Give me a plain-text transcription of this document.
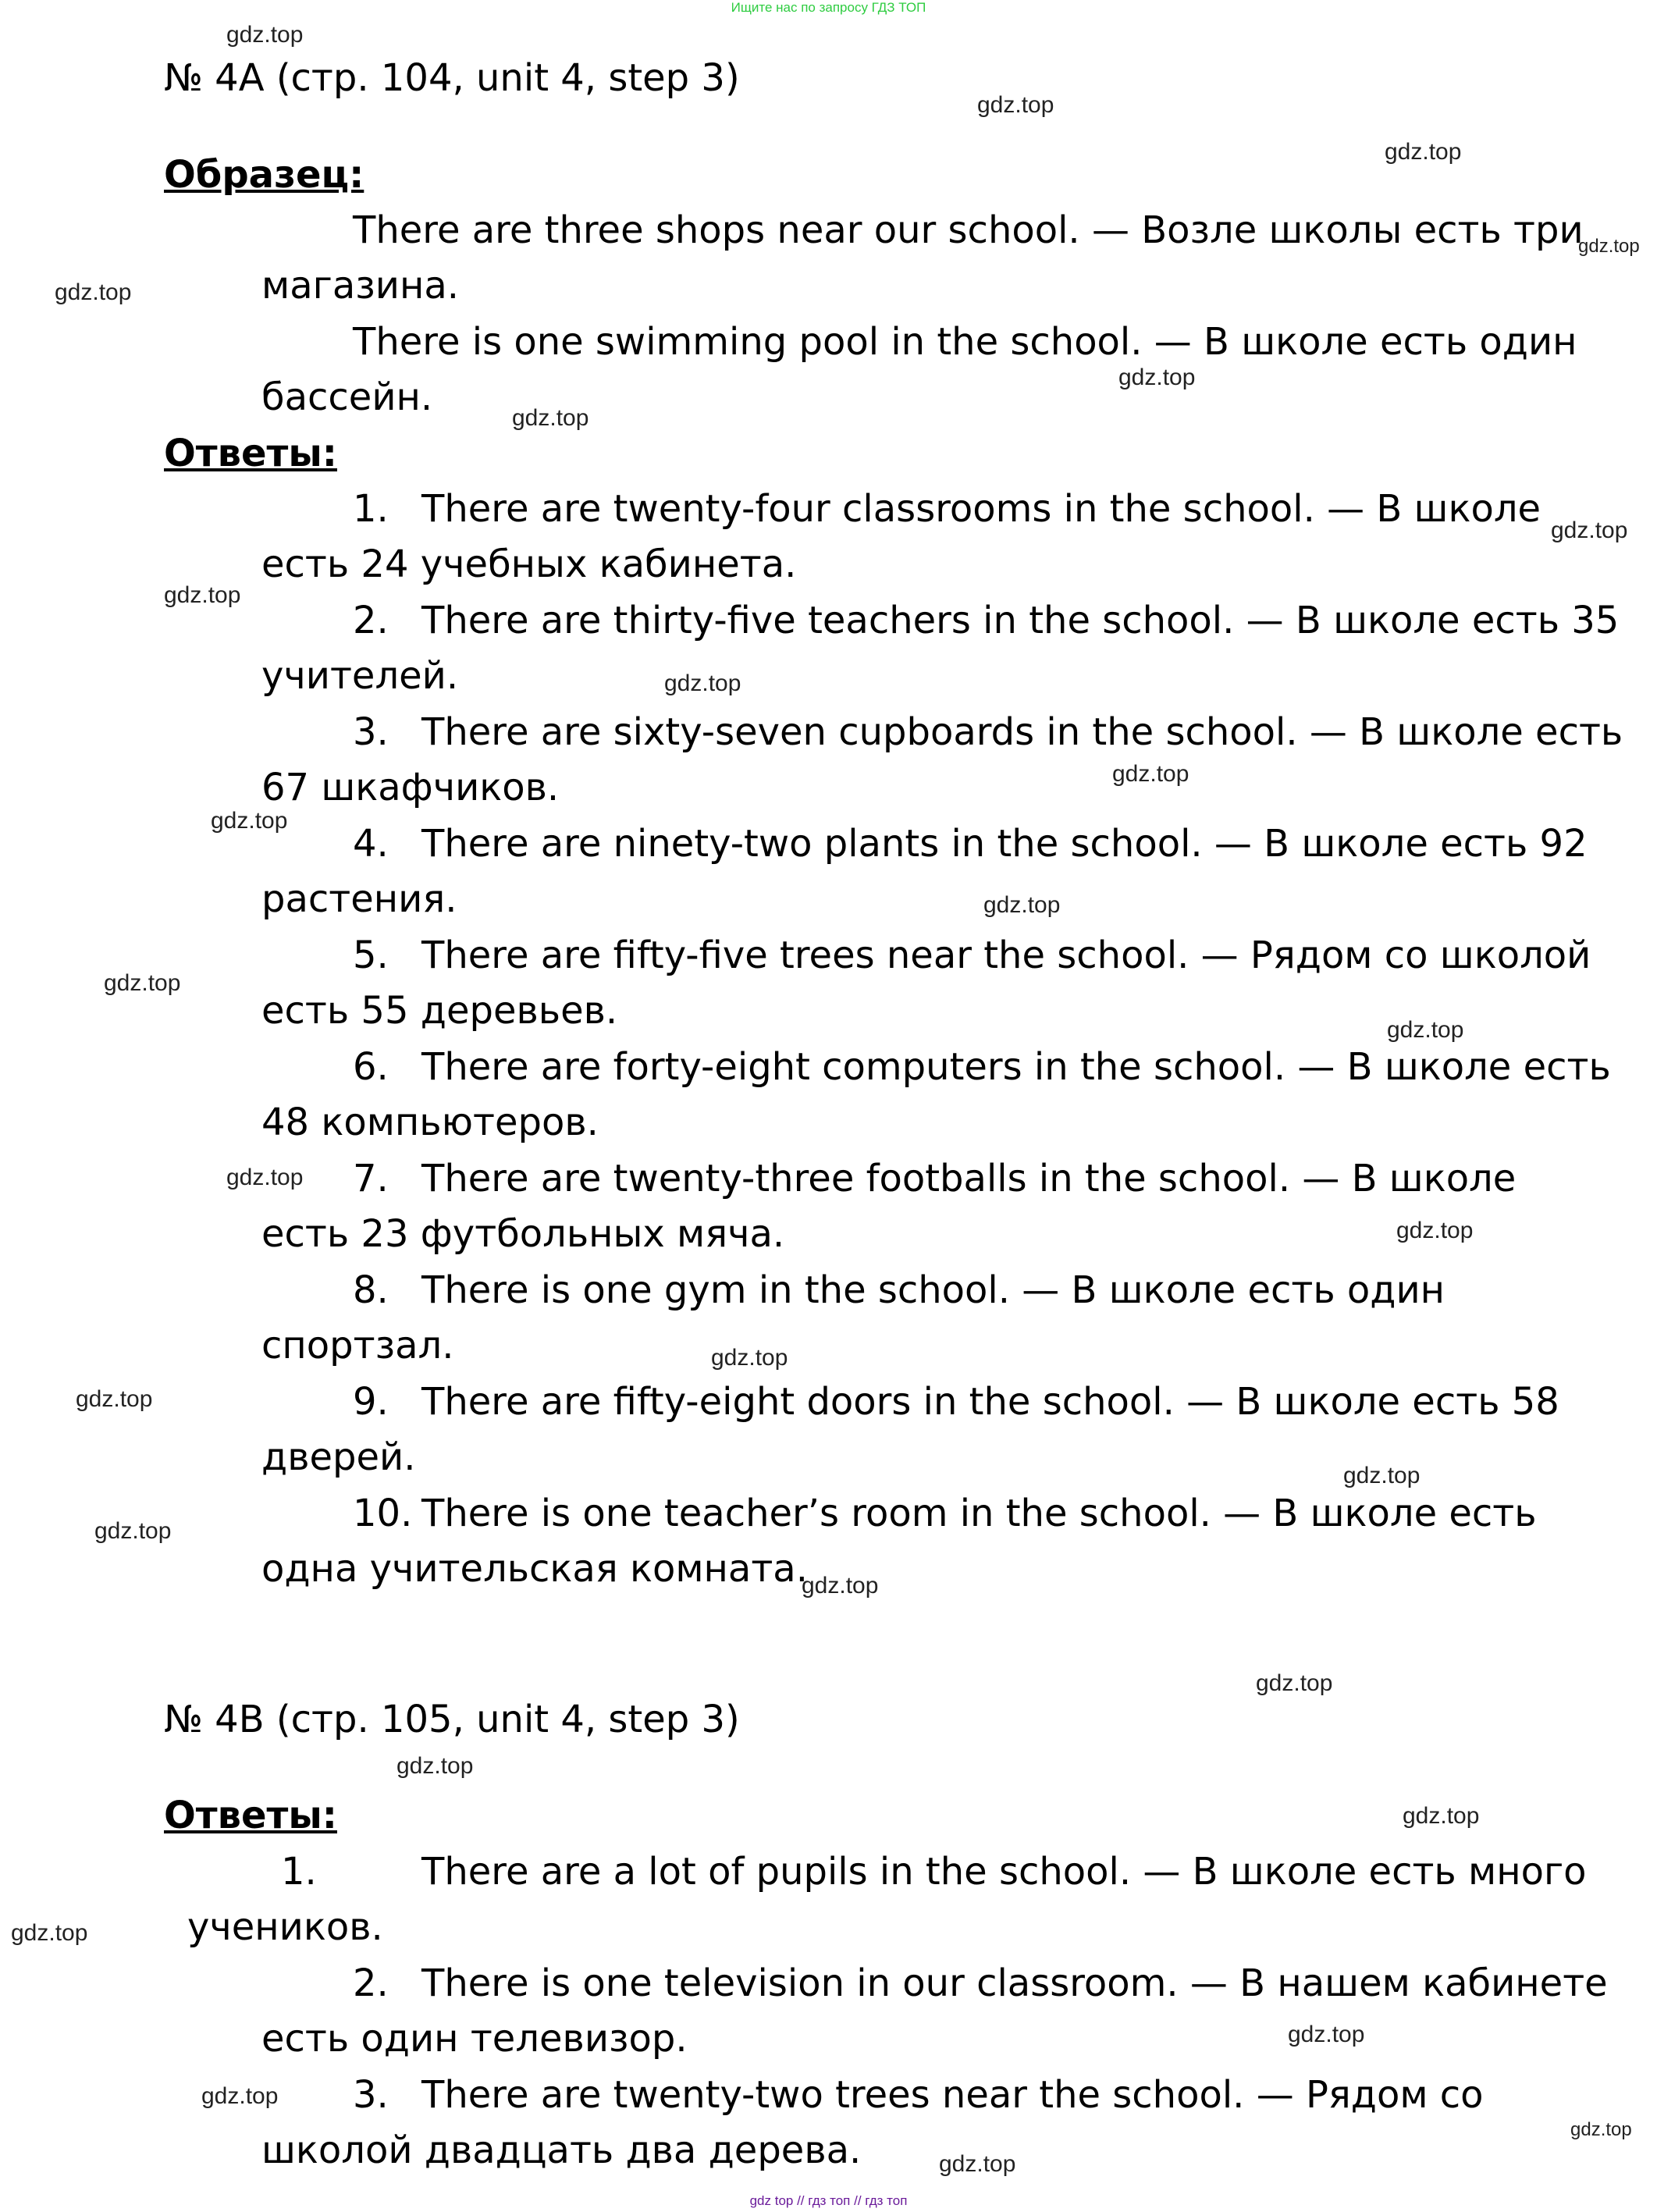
Ищите нас по запросу ГДЗ ТОП
№ 4A (стр. 104, unit 4, step 3)
Образец:
There are three shops near our school. — Возле школы есть три
магазина.
There is one swimming pool in the school. — В школе есть один
бассейн.
Ответы:
1. There are twenty-four classrooms in the school. — В школе
есть 24 учебных кабинета.
2. There are thirty-five teachers in the school. — В школе есть 35
учителей.
3. There are sixty-seven cupboards in the school. — В школе есть
67 шкафчиков.
4. There are ninety-two plants in the school. — В школе есть 92
растения.
5. There are fifty-five trees near the school. — Рядом со школой
есть 55 деревьев.
6. There are forty-eight computers in the school. — В школе есть
48 компьютеров.
7. There are twenty-three footballs in the school. — В школе
есть 23 футбольных мяча.
8. There is one gym in the school. — В школе есть один
спортзал.
9. There are fifty-eight doors in the school. — В школе есть 58
дверей.
10. There is one teacher’s room in the school. — В школе есть
одна учительская комната.
№ 4B (стр. 105, unit 4, step 3)
Ответы:
1.	There are a lot of pupils in the school. — В школе есть много
учеников.
2. There is one television in our classroom. — В нашем кабинете
есть один телевизор.
3. There are twenty-two trees near the school. — Рядом со
школой двадцать два дерева.
gdz.top
gdz.top
gdz.top
gdz.top
gdz.top
gdz.top
gdz.top
gdz.top
gdz.top
gdz.top
gdz.top
gdz.top
gdz.top
gdz.top
gdz.top
gdz.top
gdz.top
gdz.top
gdz.top
gdz.top
gdz.top
gdz.top
gdz.top
gdz.top
gdz.top
gdz.top
gdz.top
gdz.top
gdz.top
gdz.top
gdz top // гдз топ // гдз топ
